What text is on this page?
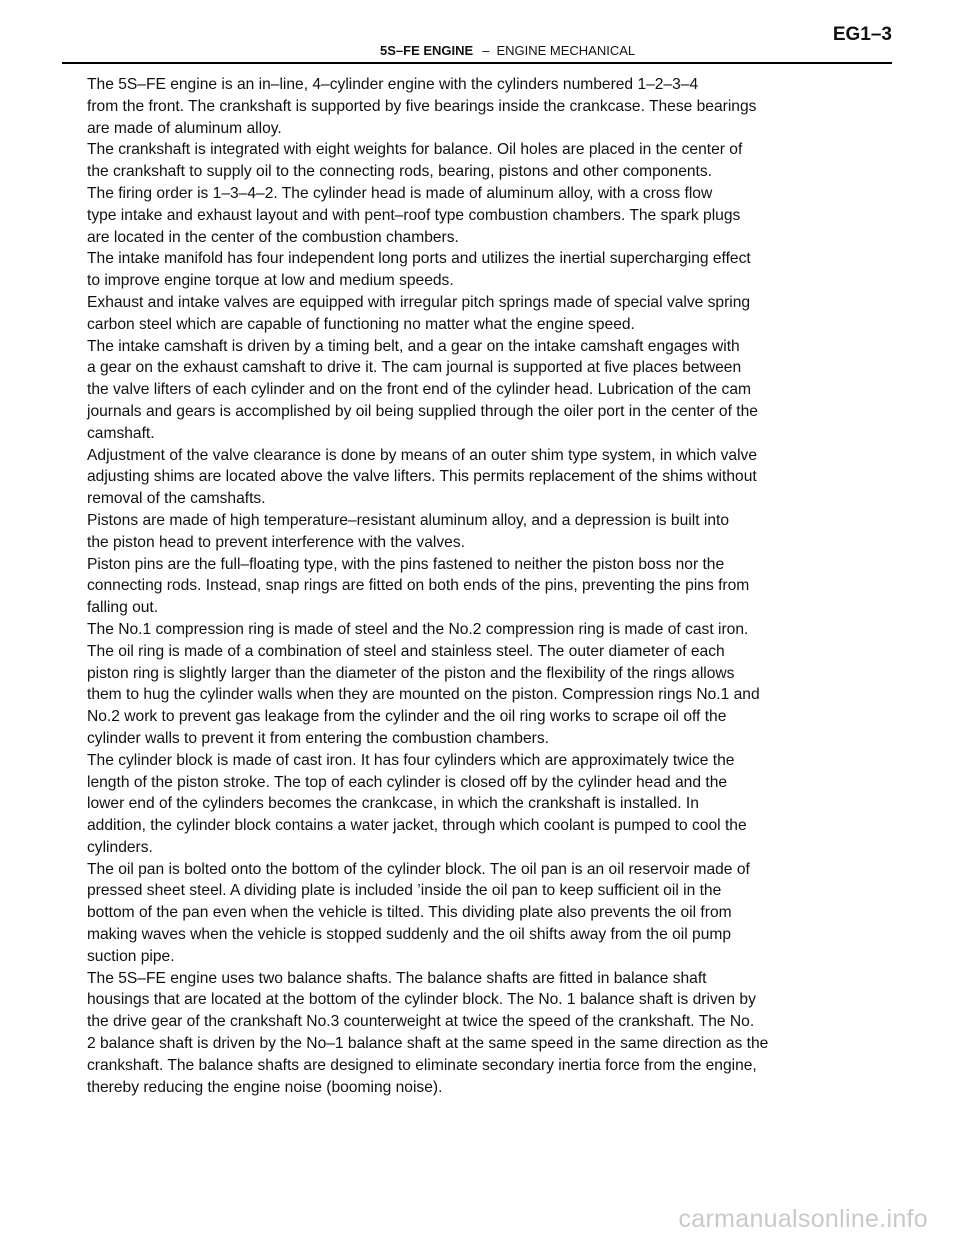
5S–FE ENGINE – ENGINE MECHANICAL
EG1–3
The 5S–FE engine is an in–line, 4–cylinder engine with the cylinders numbered 1–2–3–4
from the front. The crankshaft is supported by five bearings inside the crankcase. These bearings
are made of aluminum alloy.
The crankshaft is integrated with eight weights for balance. Oil holes are placed in the center of
the crankshaft to supply oil to the connecting rods, bearing, pistons and other components.
The firing order is 1–3–4–2. The cylinder head is made of aluminum alloy, with a cross flow
type intake and exhaust layout and with pent–roof type combustion chambers. The spark plugs
are located in the center of the combustion chambers.
The intake manifold has four independent long ports and utilizes the inertial supercharging effect
to improve engine torque at low and medium speeds.
Exhaust and intake valves are equipped with irregular pitch springs made of special valve spring
carbon steel which are capable of functioning no matter what the engine speed.
The intake camshaft is driven by a timing belt, and a gear on the intake camshaft engages with
a gear on the exhaust camshaft to drive it. The cam journal is supported at five places between
the valve lifters of each cylinder and on the front end of the cylinder head. Lubrication of the cam
journals and gears is accomplished by oil being supplied through the oiler port in the center of the
camshaft.
Adjustment of the valve clearance is done by means of an outer shim type system, in which valve
adjusting shims are located above the valve lifters. This permits replacement of the shims without
removal of the camshafts.
Pistons are made of high temperature–resistant aluminum alloy, and a depression is built into
the piston head to prevent interference with the valves.
Piston pins are the full–floating type, with the pins fastened to neither the piston boss nor the
connecting rods. Instead, snap rings are fitted on both ends of the pins, preventing the pins from
falling out.
The No.1 compression ring is made of steel and the No.2 compression ring is made of cast iron.
The oil ring is made of a combination of steel and stainless steel. The outer diameter of each
piston ring is slightly larger than the diameter of the piston and the flexibility of the rings allows
them to hug the cylinder walls when they are mounted on the piston. Compression rings No.1 and
No.2 work to prevent gas leakage from the cylinder and the oil ring works to scrape oil off the
cylinder walls to prevent it from entering the combustion chambers.
The cylinder block is made of cast iron. It has four cylinders which are approximately twice the
length of the piston stroke. The top of each cylinder is closed off by the cylinder head and the
lower end of the cylinders becomes the crankcase, in which the crankshaft is installed. In
addition, the cylinder block contains a water jacket, through which coolant is pumped to cool the
cylinders.
The oil pan is bolted onto the bottom of the cylinder block. The oil pan is an oil reservoir made of
pressed sheet steel. A dividing plate is included ’inside the oil pan to keep sufficient oil in the
bottom of the pan even when the vehicle is tilted. This dividing plate also prevents the oil from
making waves when the vehicle is stopped suddenly and the oil shifts away from the oil pump
suction pipe.
The 5S–FE engine uses two balance shafts. The balance shafts are fitted in balance shaft
housings that are located at the bottom of the cylinder block. The No. 1 balance shaft is driven by
the drive gear of the crankshaft No.3 counterweight at twice the speed of the crankshaft. The No.
2 balance shaft is driven by the No–1 balance shaft at the same speed in the same direction as the
crankshaft. The balance shafts are designed to eliminate secondary inertia force from the engine,
thereby reducing the engine noise (booming noise).
carmanualsonline.info
